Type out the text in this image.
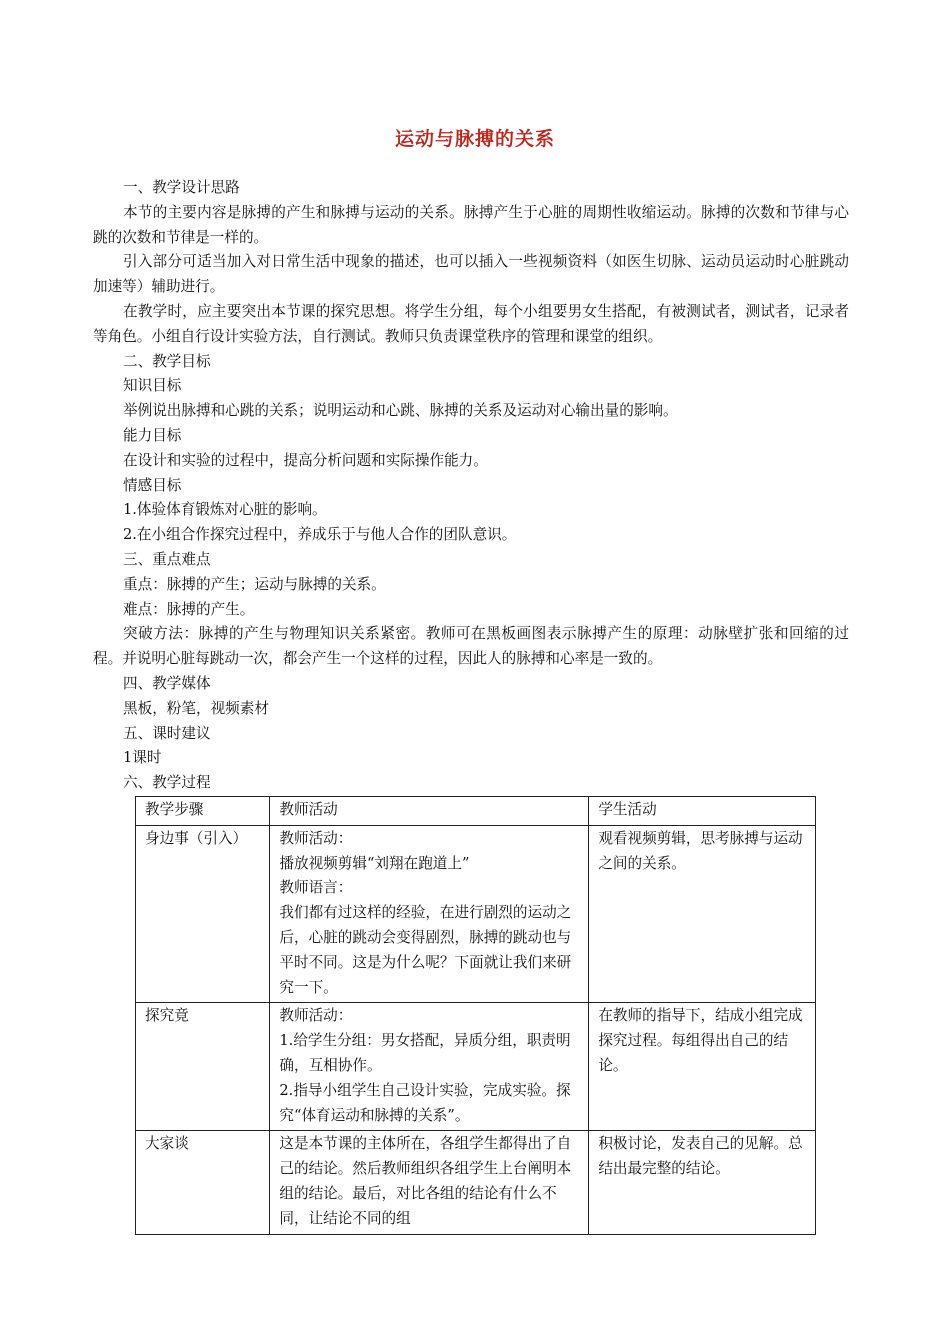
运动与脉搏的关系

一、教学设计思路

本节的主要内容是脉搏的产生和脉搏与运动的关系。脉搏产生于心脏的周期性收缩运动。脉搏的次数和节律与心跳的次数和节律是一样的。

引入部分可适当加入对日常生活中现象的描述，也可以插入一些视频资料（如医生切脉、运动员运动时心脏跳动加速等）辅助进行。

在教学时，应主要突出本节课的探究思想。将学生分组，每个小组要男女生搭配，有被测试者，测试者，记录者等角色。小组自行设计实验方法，自行测试。教师只负责课堂秩序的管理和课堂的组织。

二、教学目标

知识目标

举例说出脉搏和心跳的关系；说明运动和心跳、脉搏的关系及运动对心输出量的影响。

能力目标

在设计和实验的过程中，提高分析问题和实际操作能力。

情感目标

1.体验体育锻炼对心脏的影响。

2.在小组合作探究过程中，养成乐于与他人合作的团队意识。

三、重点难点

重点：脉搏的产生；运动与脉搏的关系。

难点：脉搏的产生。

突破方法：脉搏的产生与物理知识关系紧密。教师可在黑板画图表示脉搏产生的原理：动脉壁扩张和回缩的过程。并说明心脏每跳动一次，都会产生一个这样的过程，因此人的脉搏和心率是一致的。

四、教学媒体

黑板，粉笔，视频素材

五、课时建议

1课时

六、教学过程

教学步骤	教师活动	学生活动
身边事（引入）	教师活动：
播放视频剪辑“刘翔在跑道上”
教师语言：
我们都有过这样的经验，在进行剧烈的运动之后，心脏的跳动会变得剧烈，脉搏的跳动也与平时不同。这是为什么呢？下面就让我们来研究一下。	观看视频剪辑，思考脉搏与运动之间的关系。
探究竟	教师活动：
1.给学生分组：男女搭配，异质分组，职责明确，互相协作。
2.指导小组学生自己设计实验，完成实验。探究“体育运动和脉搏的关系”。	在教师的指导下，结成小组完成探究过程。每组得出自己的结论。
大家谈	这是本节课的主体所在，各组学生都得出了自己的结论。然后教师组织各组学生上台阐明本组的结论。最后，对比各组的结论有什么不同，让结论不同的组	积极讨论，发表自己的见解。总结出最完整的结论。
